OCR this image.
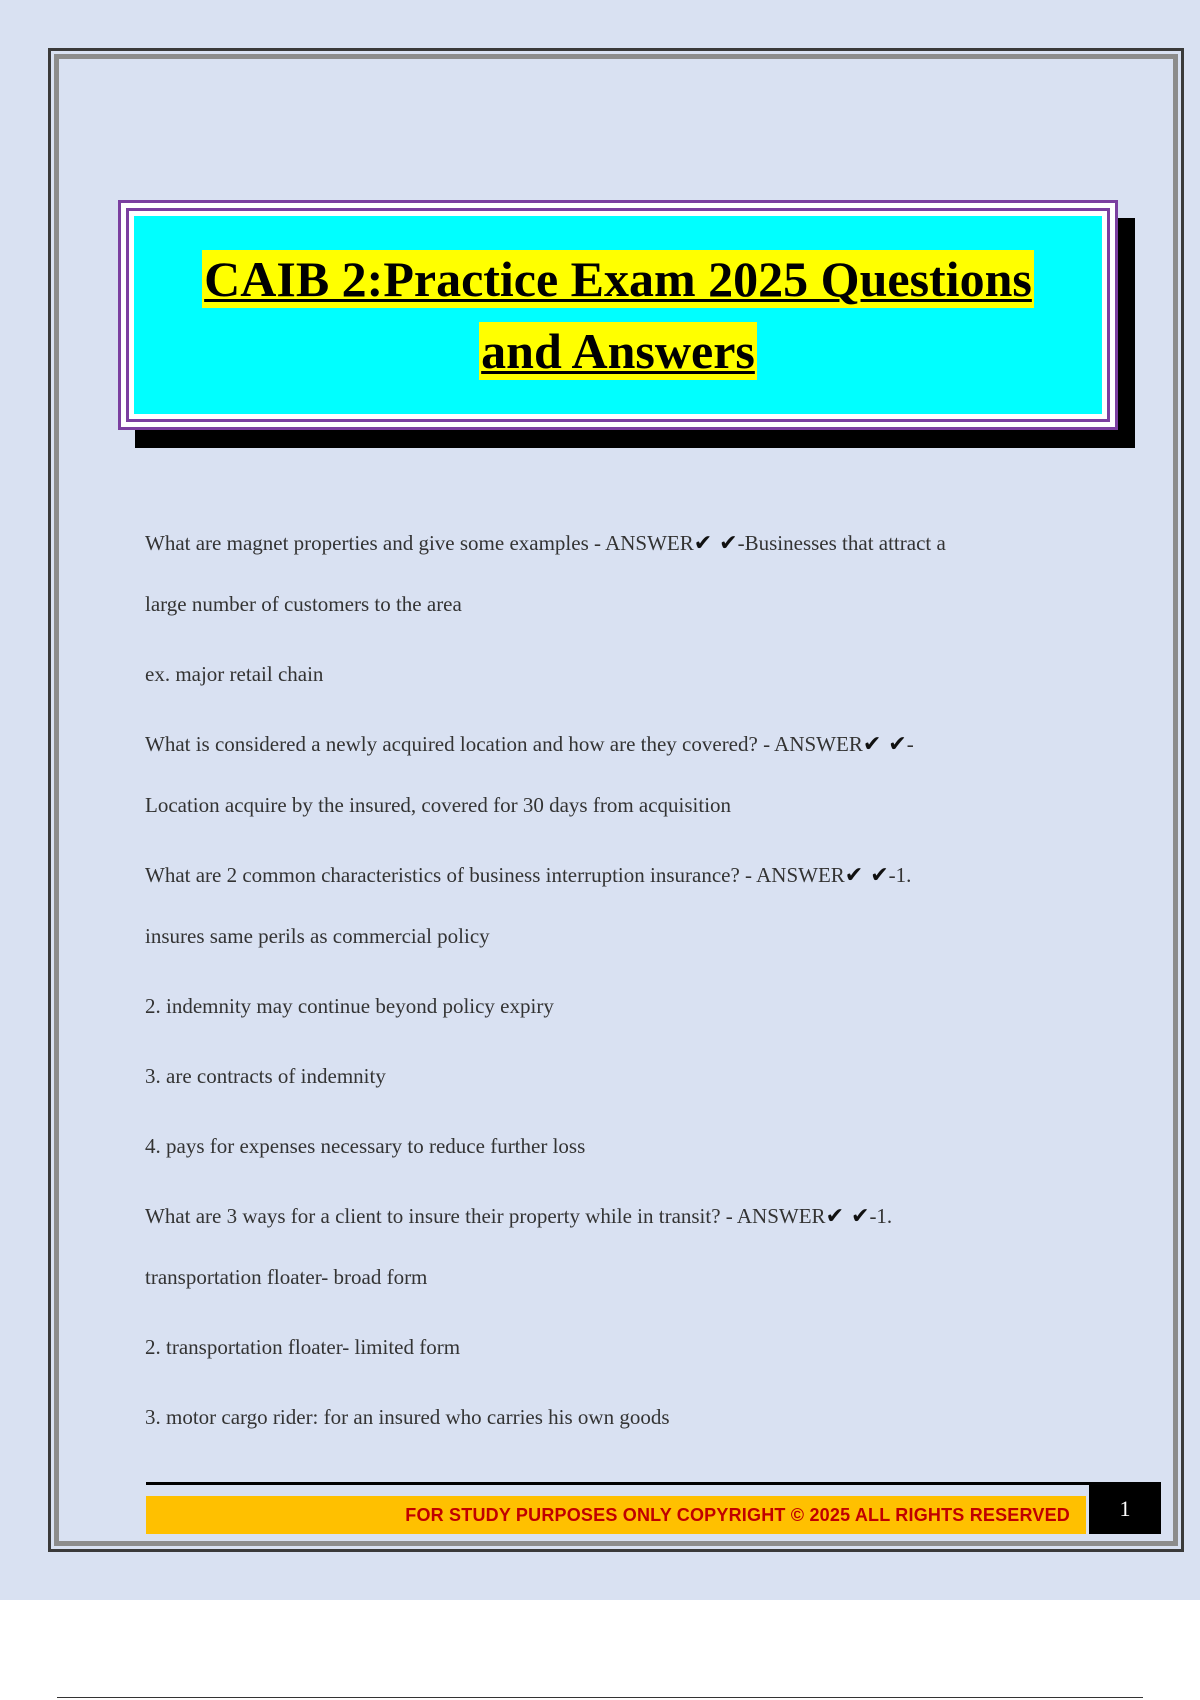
CAIB 2:Practice Exam 2025 Questions
and Answers

What are magnet properties and give some examples - ANSWER✔ ✔-Businesses that attract a

large number of customers to the area

ex. major retail chain

What is considered a newly acquired location and how are they covered? - ANSWER✔ ✔-

Location acquire by the insured, covered for 30 days from acquisition

What are 2 common characteristics of business interruption insurance? - ANSWER✔ ✔-1.

insures same perils as commercial policy

2. indemnity may continue beyond policy expiry

3. are contracts of indemnity

4. pays for expenses necessary to reduce further loss

What are 3 ways for a client to insure their property while in transit? - ANSWER✔ ✔-1.

transportation floater- broad form

2. transportation floater- limited form

3. motor cargo rider: for an insured who carries his own goods

FOR STUDY PURPOSES ONLY COPYRIGHT © 2025 ALL RIGHTS RESERVED 1
